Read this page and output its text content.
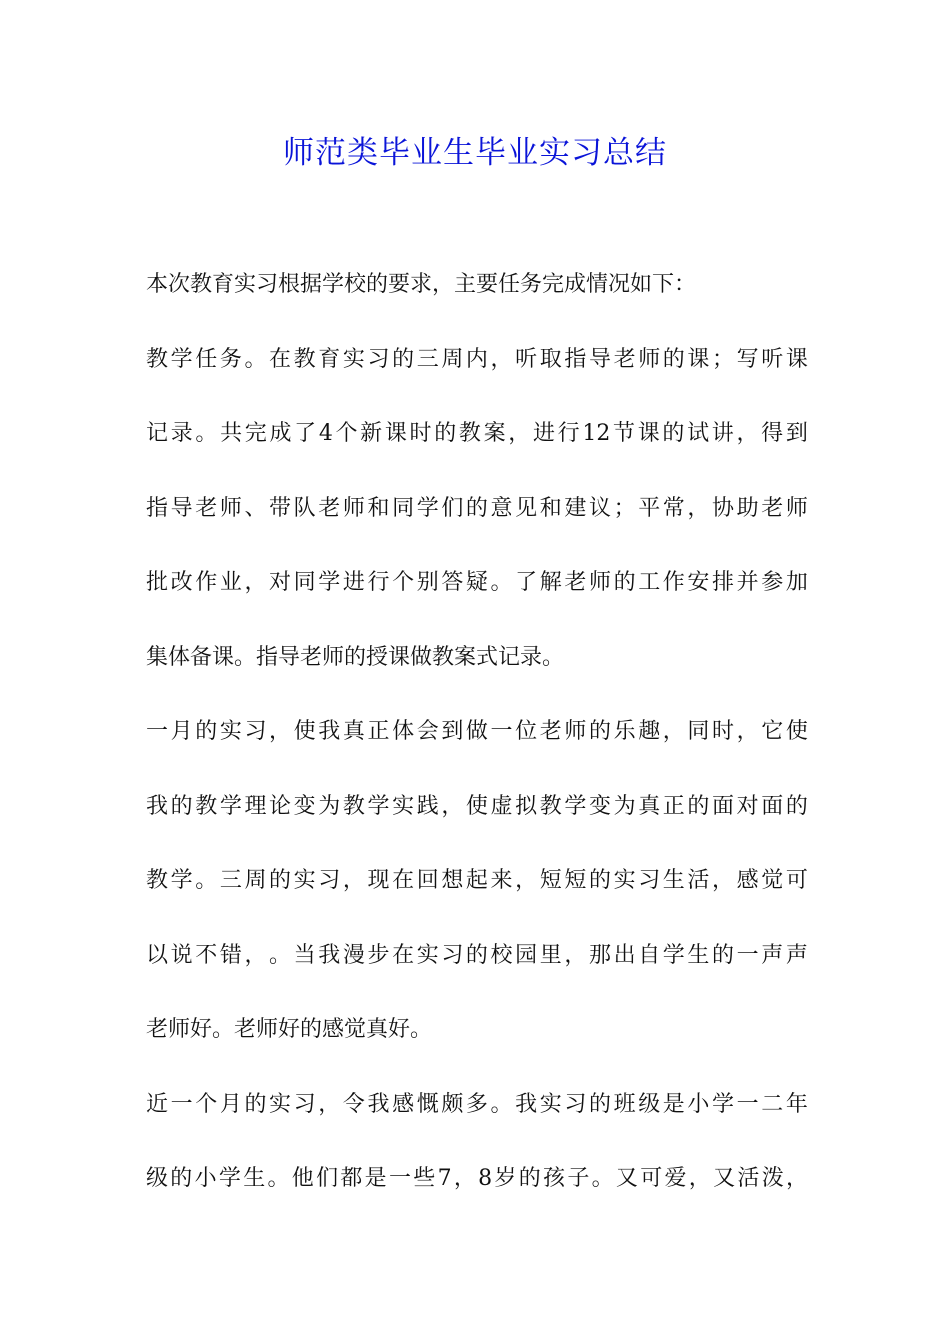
师范类毕业生毕业实习总结
本次教育实习根据学校的要求，主要任务完成情况如下：
教 学 任 务 。 在 教 育 实 习 的 三 周 内 ， 听 取 指 导 老 师 的 课 ； 写 听 课
记 录 。 共 完 成 了 4 个 新 课 时 的 教 案 ， 进 行 12 节 课 的 试 讲 ， 得 到
指 导 老 师 、 带 队 老 师 和 同 学 们 的 意 见 和 建 议 ； 平 常 ， 协 助 老 师
批 改 作 业 ， 对 同 学 进 行 个 别 答 疑 。 了 解 老 师 的 工 作 安 排 并 参 加
集体备课。指导老师的授课做教案式记录。
一 月 的 实 习 ， 使 我 真 正 体 会 到 做 一 位 老 师 的 乐 趣 ， 同 时 ， 它 使
我 的 教 学 理 论 变 为 教 学 实 践 ， 使 虚 拟 教 学 变 为 真 正 的 面 对 面 的
教 学 。 三 周 的 实 习 ， 现 在 回 想 起 来 ， 短 短 的 实 习 生 活 ， 感 觉 可
以 说 不 错 ， 。 当 我 漫 步 在 实 习 的 校 园 里 ， 那 出 自 学 生 的 一 声 声
老师好。老师好的感觉真好。
近 一 个 月 的 实 习 ， 令 我 感 慨 颇 多 。 我 实 习 的 班 级 是 小 学 一 二 年
级 的 小 学 生 。 他 们 都 是 一 些 7 ， 8 岁 的 孩 子 。 又 可 爱 ， 又 活 泼 ，
